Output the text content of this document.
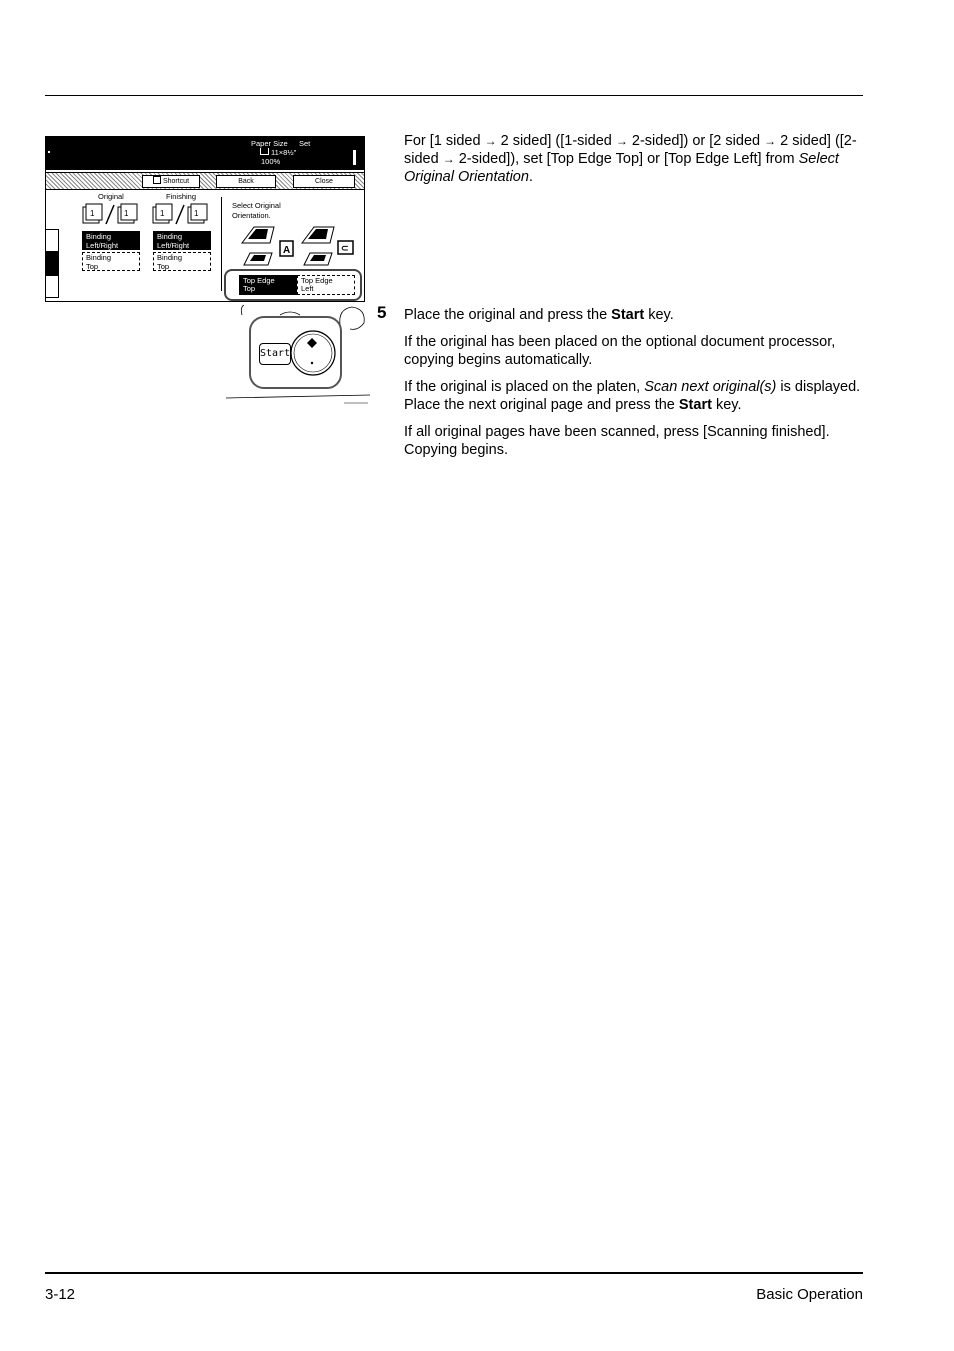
Paper Size Set
11×8½"
100%
Shortcut	Back	Close
Original	Finishing
1	1	1	1
Binding
Left/Right
Binding
Top
Binding
Left/Right
Binding
Top
Select Original
Orientation.
A	⊂
Top Edge
Top
Top Edge
Left
Start
For [1 sided → 2 sided] ([1-sided → 2-sided]) or [2 sided → 2 sided] ([2-sided → 2-sided]), set [Top Edge Top] or [Top Edge Left] from Select Original Orientation.
5 Place the original and press the Start key.
If the original has been placed on the optional document processor, copying begins automatically.
If the original is placed on the platen, Scan next original(s) is displayed. Place the next original page and press the Start key.
If all original pages have been scanned, press [Scanning finished]. Copying begins.
3-12	Basic Operation
